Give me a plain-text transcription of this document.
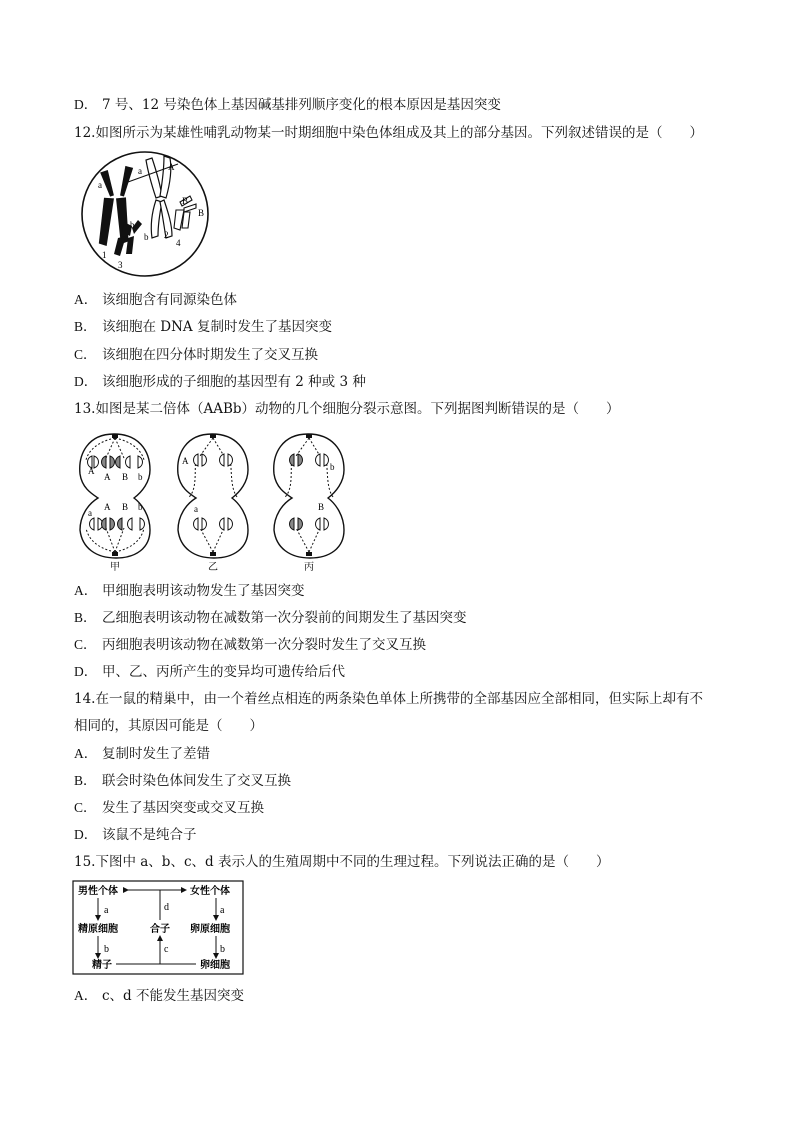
D． 7 号、12 号染色体上基因碱基排列顺序变化的根本原因是基因突变
12.如图所示为某雄性哺乳动物某一时期细胞中染色体组成及其上的部分基因。下列叙述错误的是（　　）
a
a	A
B
B
b
b
1
2
3
4
A． 该细胞含有同源染色体
B． 该细胞在 DNA 复制时发生了基因突变
C． 该细胞在四分体时期发生了交叉互换
D． 该细胞形成的子细胞的基因型有 2 种或 3 种
13.如图是某二倍体（AABb）动物的几个细胞分裂示意图。下列据图判断错误的是（　　）
A
A B b
a
A B b
甲
A
a
乙
b
B
丙
A． 甲细胞表明该动物发生了基因突变
B． 乙细胞表明该动物在减数第一次分裂前的间期发生了基因突变
C． 丙细胞表明该动物在减数第一次分裂时发生了交叉互换
D． 甲、乙、丙所产生的变异均可遗传给后代
14.在一鼠的精巢中，由一个着丝点相连的两条染色单体上所携带的全部基因应全部相同，但实际上却有不
相同的，其原因可能是（　　）
A． 复制时发生了差错
B． 联会时染色体间发生了交叉互换
C． 发生了基因突变或交叉互换
D． 该鼠不是纯合子
15.下图中 a、b、c、d 表示人的生殖周期中不同的生理过程。下列说法正确的是（　　）
男性个体	女性个体
精原细胞	合子 卵原细胞
精子	卵细胞
a	a
b	b
c
d
A． c、d 不能发生基因突变
